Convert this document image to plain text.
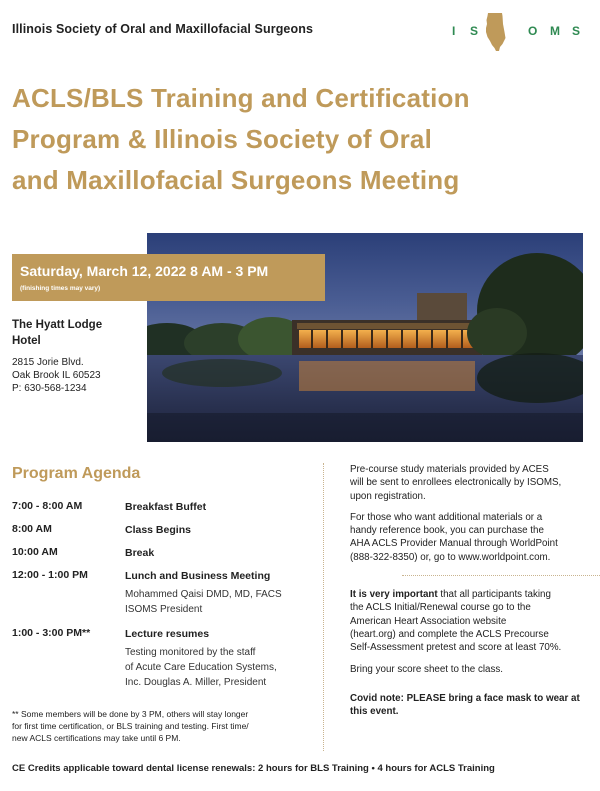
Illinois Society of Oral and Maxillofacial Surgeons	I S	O M S
ACLS/BLS Training and Certification
Program & Illinois Society of Oral
and Maxillofacial Surgeons Meeting
Saturday, March 12, 2022 8 AM - 3 PM
(finishing times may vary)
The Hyatt Lodge
Hotel
2815 Jorie Blvd.
Oak Brook IL 60523
P: 630-568-1234
Program Agenda
7:00 - 8:00 AM	Breakfast Buffet
8:00 AM	Class Begins
10:00 AM	Break
12:00 - 1:00 PM	Lunch and Business Meeting
Mohammed Qaisi DMD, MD, FACS
ISOMS President
1:00 - 3:00 PM**	Lecture resumes
Testing monitored by the staff
of Acute Care Education Systems,
Inc. Douglas A. Miller, President
** Some members will be done by 3 PM, others will stay longer
for first time certification, or BLS training and testing. First time/
new ACLS certifications may take until 6 PM.

Pre-course study materials provided by ACES
will be sent to enrollees electronically by ISOMS,
upon registration.

For those who want additional materials or a
handy reference book, you can purchase the
AHA ACLS Provider Manual through WorldPoint
(888-322-8350) or, go to www.worldpoint.com.

It is very important that all participants taking
the ACLS Initial/Renewal course go to the
American Heart Association website
(heart.org) and complete the ACLS Precourse
Self-Assessment pretest and score at least 70%.

Bring your score sheet to the class.

Covid note: PLEASE bring a face mask to wear at
this event.

CE Credits applicable toward dental license renewals: 2 hours for BLS Training • 4 hours for ACLS Training
